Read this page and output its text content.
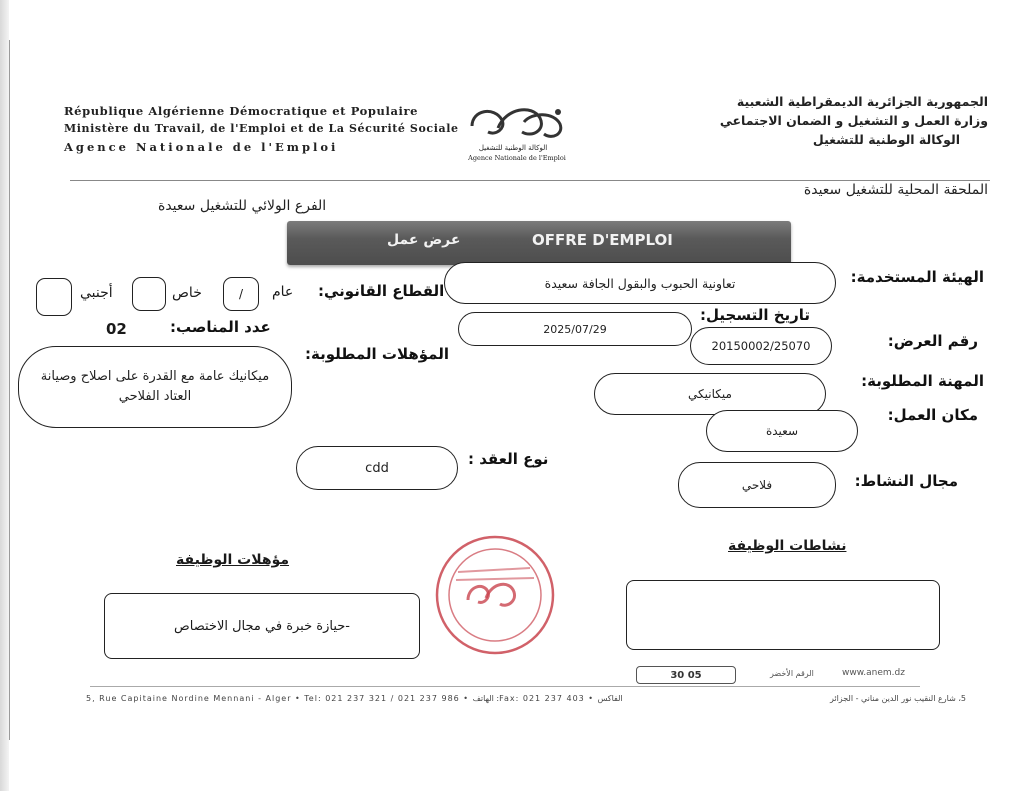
République Algérienne Démocratique et Populaire
Ministère du Travail, de l'Emploi et de La Sécurité Sociale
Agence Nationale de l'Emploi	الوكالة الوطنية للتشغيل
Agence Nationale de l'Emploi
الجمهورية الجزائرية الديمقراطية الشعبية
وزارة العمل و التشغيل و الضمان الاجتماعي
الوكالة الوطنية للتشغيل
الملحقة المحلية للتشغيل سعيدة
الفرع الولائي للتشغيل سعيدة
OFFRE D'EMPLOI
عرض عمل
الهيئة المستخدمة:
تعاونية الحبوب والبقول الجافة سعيدة
القطاع القانوني:
عام
/
خاص
أجنبي
تاريخ التسجيل:
2025/07/29
عدد المناصب:
02
رقم العرض:
20150002/25070
المؤهلات المطلوبة:
ميكانيك عامة مع القدرة على اصلاح وصيانة العتاد الفلاحي
المهنة المطلوبة:
ميكانيكي
مكان العمل:
سعيدة
نوع العقد :
cdd
مجال النشاط:
فلاحي
نشاطات الوظيفة
مؤهلات الوظيفة
-حيازة خبرة في مجال الاختصاص
www.anem.dz
الرقم الأخضر
30 05
5, Rue Capitaine Nordine Mennani - Alger • Tel: 021 237 321 / 021 237 986 • الهاتف :Fax: 021 237 403 • الفاكس	5، شارع النقيب نور الدين مناني - الجزائر
